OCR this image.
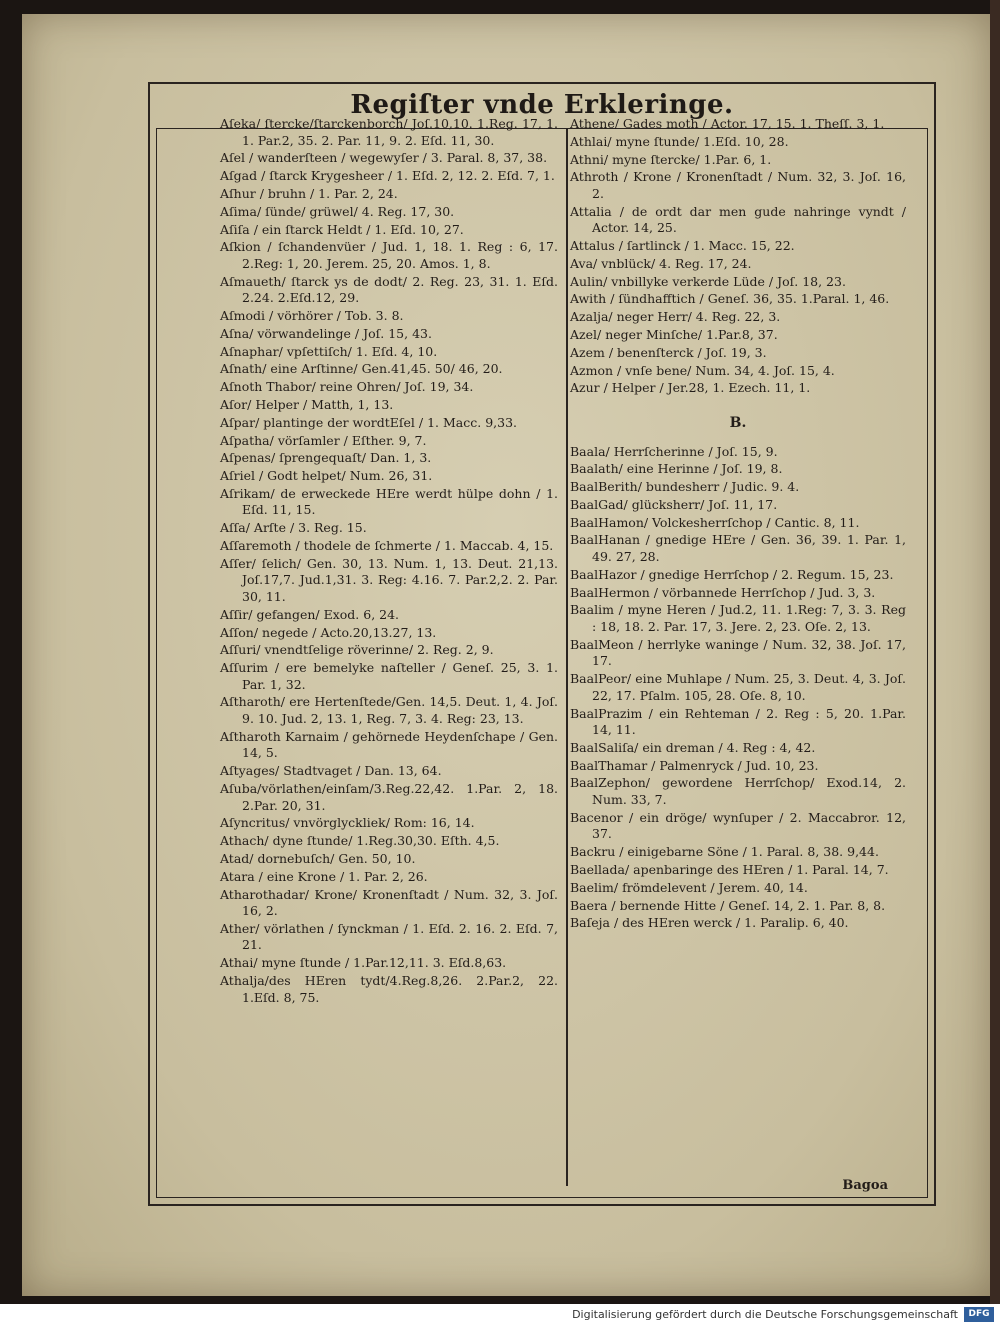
Regiſter vnde Erkleringe.
Aſeka/ ſtercke/ſtarckenborch/ Joſ.10,10. 1.Reg. 17, 1. 1. Par.2, 35. 2. Par. 11, 9. 2. Eſd. 11, 30.
Aſel / wanderſteen / wegewyſer / 3. Paral. 8, 37, 38.
Aſgad / ſtarck Krygesheer / 1. Eſd. 2, 12. 2. Eſd. 7, 1.
Aſhur / bruhn / 1. Par. 2, 24.
Aſima/ ſünde/ grüwel/ 4. Reg. 17, 30.
Aſiſa / ein ſtarck Heldt / 1. Eſd. 10, 27.
Aſkion / ſchandenvüer / Jud. 1, 18. 1. Reg : 6, 17. 2.Reg: 1, 20. Jerem. 25, 20. Amos. 1, 8.
Aſmaueth/ ſtarck ys de dodt/ 2. Reg. 23, 31. 1. Eſd. 2.24. 2.Eſd.12, 29.
Aſmodi / vörhörer / Tob. 3. 8.
Aſna/ vörwandelinge / Joſ. 15, 43.
Aſnaphar/ vpſettiſch/ 1. Eſd. 4, 10.
Aſnath/ eine Arſtinne/ Gen.41,45. 50/ 46, 20.
Aſnoth Thabor/ reine Ohren/ Joſ. 19, 34.
Aſor/ Helper / Matth, 1, 13.
Aſpar/ plantinge der wordtEſel / 1. Macc. 9,33.
Aſpatha/ vörſamler / Eſther. 9, 7.
Aſpenas/ ſprengequaſt/ Dan. 1, 3.
Aſriel / Godt helpet/ Num. 26, 31.
Aſrikam/ de erweckede HEre werdt hülpe dohn / 1. Eſd. 11, 15.
Aſſa/ Arſte / 3. Reg. 15.
Aſſaremoth / thodele de ſchmerte / 1. Maccab. 4, 15.
Aſſer/ ſelich/ Gen. 30, 13. Num. 1, 13. Deut. 21,13. Joſ.17,7. Jud.1,31. 3. Reg: 4.16. 7. Par.2,2. 2. Par. 30, 11.
Aſſir/ gefangen/ Exod. 6, 24.
Aſſon/ negede / Acto.20,13.27, 13.
Aſſuri/ vnendtſelige röverinne/ 2. Reg. 2, 9.
Aſſurim / ere bemelyke naſteller / Geneſ. 25, 3. 1. Par. 1, 32.
Aſtharoth/ ere Hertenſtede/Gen. 14,5. Deut. 1, 4. Joſ. 9. 10. Jud. 2, 13. 1, Reg. 7, 3. 4. Reg: 23, 13.
Aſtharoth Karnaim / gehörnede Heydenſchape / Gen. 14, 5.
Aſtyages/ Stadtvaget / Dan. 13, 64.
Aſuba/vörlathen/einſam/3.Reg.22,42. 1.Par. 2, 18. 2.Par. 20, 31.
Aſyncritus/ vnvörglyckliek/ Rom: 16, 14.
Athach/ dyne ſtunde/ 1.Reg.30,30. Eſth. 4,5.
Atad/ dornebuſch/ Gen. 50, 10.
Atara / eine Krone / 1. Par. 2, 26.
Atharothadar/ Krone/ Kronenſtadt / Num. 32, 3. Joſ. 16, 2.
Ather/ vörlathen / ſynckman / 1. Eſd. 2. 16. 2. Eſd. 7, 21.
Athai/ myne ſtunde / 1.Par.12,11. 3. Eſd.8,63.
Athalja/des HEren tydt/4.Reg.8,26. 2.Par.2, 22. 1.Eſd. 8, 75.
Athene/ Gades moth / Actor. 17, 15. 1. Theſſ. 3, 1.
Athlai/ myne ſtunde/ 1.Eſd. 10, 28.
Athni/ myne ſtercke/ 1.Par. 6, 1.
Athroth / Krone / Kronenſtadt / Num. 32, 3. Joſ. 16, 2.
Attalia / de ordt dar men gude nahringe vyndt / Actor. 14, 25.
Attalus / ſartlinck / 1. Macc. 15, 22.
Ava/ vnblück/ 4. Reg. 17, 24.
Aulin/ vnbillyke verkerde Lüde / Joſ. 18, 23.
Awith / ſündhafftich / Geneſ. 36, 35. 1.Paral. 1, 46.
Azalja/ neger Herr/ 4. Reg. 22, 3.
Azel/ neger Minſche/ 1.Par.8, 37.
Azem / benenſterck / Joſ. 19, 3.
Azmon / vnſe bene/ Num. 34, 4. Joſ. 15, 4.
Azur / Helper / Jer.28, 1. Ezech. 11, 1.
B.
Baala/ Herrſcherinne / Joſ. 15, 9.
Baalath/ eine Herinne / Joſ. 19, 8.
BaalBerith/ bundesherr / Judic. 9. 4.
BaalGad/ glücksherr/ Joſ. 11, 17.
BaalHamon/ Volckesherrſchop / Cantic. 8, 11.
BaalHanan / gnedige HEre / Gen. 36, 39. 1. Par. 1, 49. 27, 28.
BaalHazor / gnedige Herrſchop / 2. Regum. 15, 23.
BaalHermon / vörbannede Herrſchop / Jud. 3, 3.
Baalim / myne Heren / Jud.2, 11. 1.Reg: 7, 3. 3. Reg : 18, 18. 2. Par. 17, 3. Jere. 2, 23. Oſe. 2, 13.
BaalMeon / herrlyke waninge / Num. 32, 38. Joſ. 17, 17.
BaalPeor/ eine Muhlape / Num. 25, 3. Deut. 4, 3. Joſ. 22, 17. Pſalm. 105, 28. Oſe. 8, 10.
BaalPrazim / ein Rehteman / 2. Reg : 5, 20. 1.Par. 14, 11.
BaalSaliſa/ ein dreman / 4. Reg : 4, 42.
BaalThamar / Palmenryck / Jud. 10, 23.
BaalZephon/ gewordene Herrſchop/ Exod.14, 2. Num. 33, 7.
Bacenor / ein dröge/ wynſuper / 2. Maccabror. 12, 37.
Backru / einigebarne Söne / 1. Paral. 8, 38. 9,44.
Baellada/ apenbaringe des HEren / 1. Paral. 14, 7.
Baelim/ frömdelevent / Jerem. 40, 14.
Baera / bernende Hitte / Geneſ. 14, 2. 1. Par. 8, 8.
Baſeja / des HEren werck / 1. Paralip. 6, 40.
Bagoa
Digitalisierung gefördert durch die Deutsche Forschungsgemeinschaft	DFG
